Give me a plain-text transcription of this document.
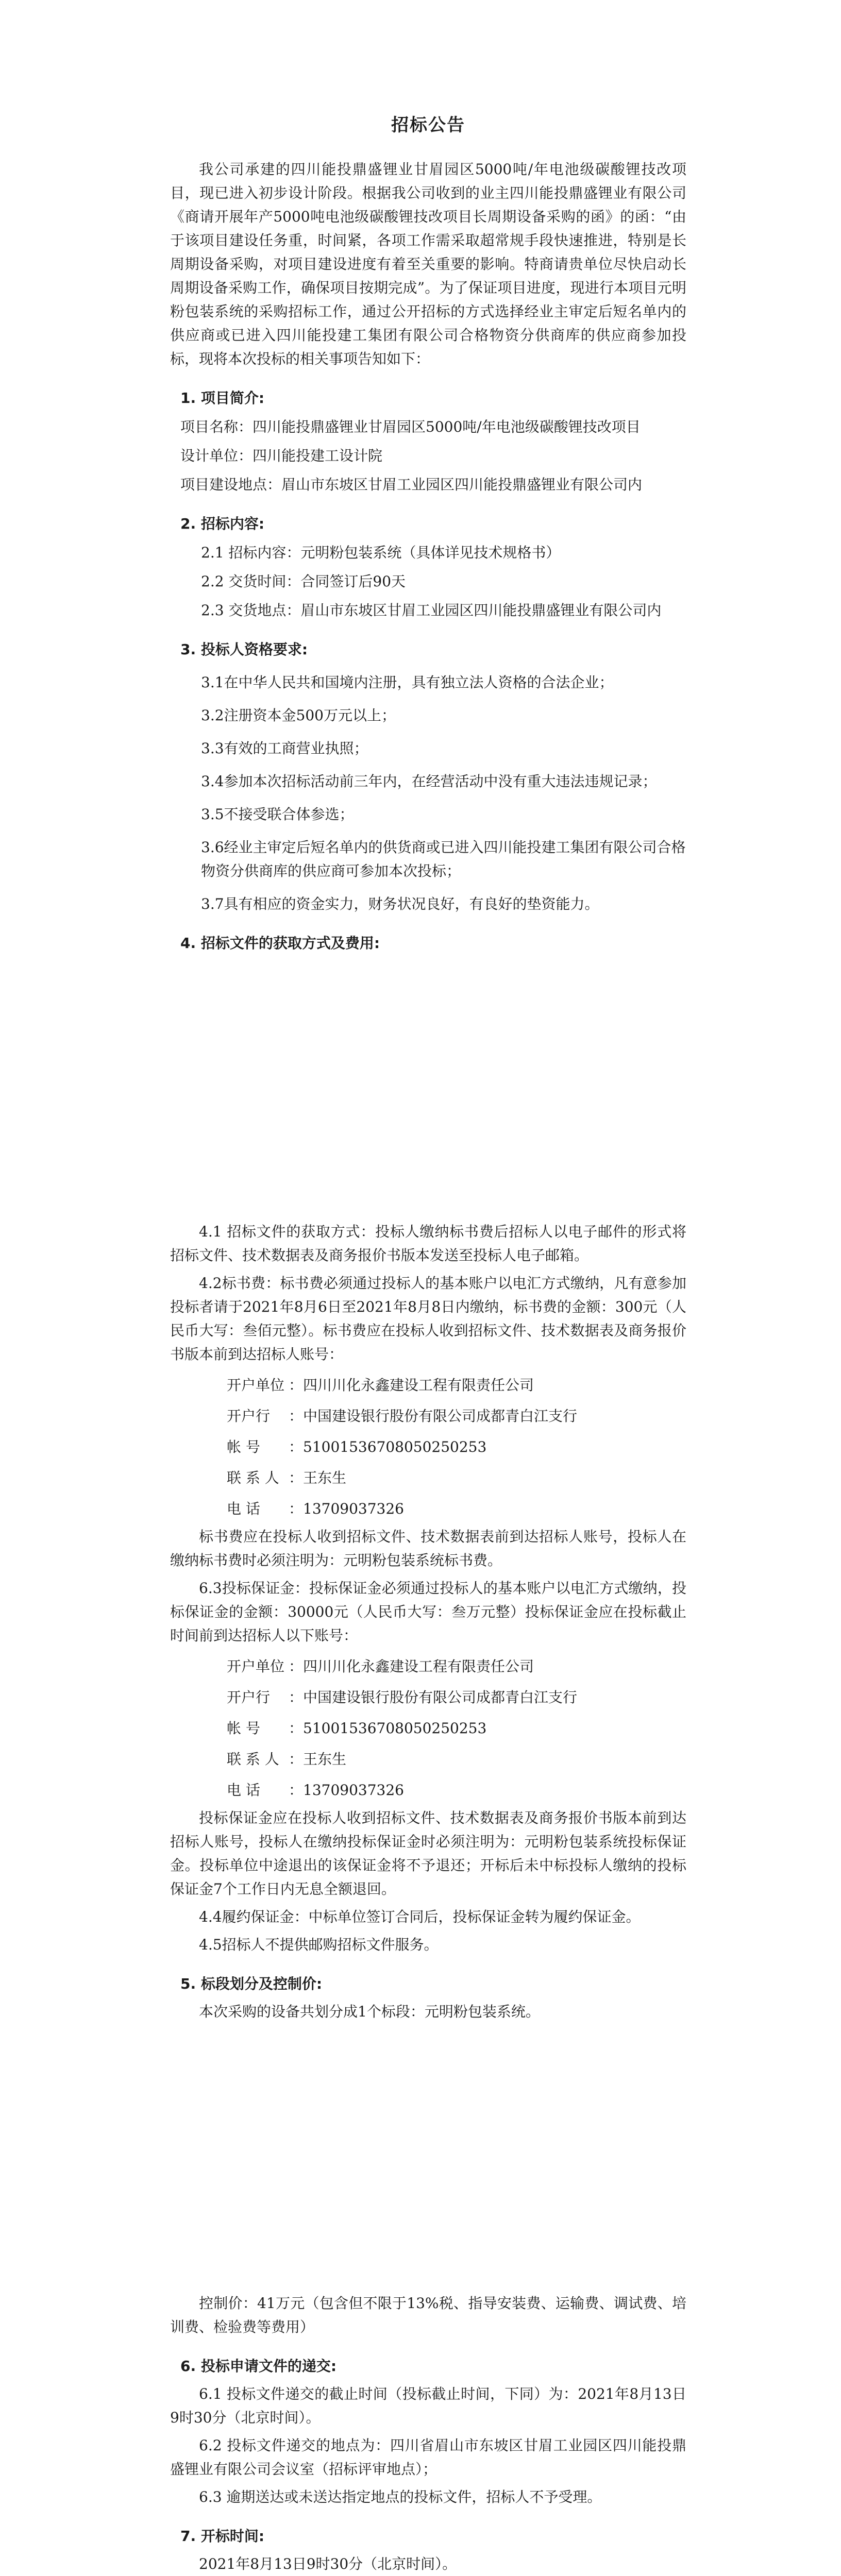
招标公告

我公司承建的四川能投鼎盛锂业甘眉园区5000吨/年电池级碳酸锂技改项目，现已进入初步设计阶段。根据我公司收到的业主四川能投鼎盛锂业有限公司《商请开展年产5000吨电池级碳酸锂技改项目长周期设备采购的函》的函：“由于该项目建设任务重，时间紧，各项工作需采取超常规手段快速推进，特别是长周期设备采购，对项目建设进度有着至关重要的影响。特商请贵单位尽快启动长周期设备采购工作，确保项目按期完成”。为了保证项目进度，现进行本项目元明粉包装系统的采购招标工作，通过公开招标的方式选择经业主审定后短名单内的供应商或已进入四川能投建工集团有限公司合格物资分供商库的供应商参加投标，现将本次投标的相关事项告知如下：

1. 项目简介:
项目名称：四川能投鼎盛锂业甘眉园区5000吨/年电池级碳酸锂技改项目
设计单位：四川能投建工设计院
项目建设地点：眉山市东坡区甘眉工业园区四川能投鼎盛锂业有限公司内
2. 招标内容:
2.1 招标内容：元明粉包装系统（具体详见技术规格书）
2.2 交货时间：合同签订后90天
2.3 交货地点：眉山市东坡区甘眉工业园区四川能投鼎盛锂业有限公司内
3. 投标人资格要求:
3.1在中华人民共和国境内注册，具有独立法人资格的合法企业；
3.2注册资本金500万元以上；
3.3有效的工商营业执照；
3.4参加本次招标活动前三年内，在经营活动中没有重大违法违规记录；
3.5不接受联合体参选；
3.6经业主审定后短名单内的供货商或已进入四川能投建工集团有限公司合格物资分供商库的供应商可参加本次投标；
3.7具有相应的资金实力，财务状况良好，有良好的垫资能力。
4. 招标文件的获取方式及费用:

4.1 招标文件的获取方式：投标人缴纳标书费后招标人以电子邮件的形式将招标文件、技术数据表及商务报价书版本发送至投标人电子邮箱。

4.2标书费：标书费必须通过投标人的基本账户以电汇方式缴纳，凡有意参加投标者请于2021年8月6日至2021年8月8日内缴纳，标书费的金额：300元（人民币大写：叁佰元整）。标书费应在投标人收到招标文件、技术数据表及商务报价书版本前到达招标人账号：

开户单位 ：四川川化永鑫建设工程有限责任公司
开户行 ：中国建设银行股份有限公司成都青白江支行
帐 号 ：51001536708050250253
联 系 人 ：王东生
电 话 ：13709037326

标书费应在投标人收到招标文件、技术数据表前到达招标人账号，投标人在缴纳标书费时必须注明为：元明粉包装系统标书费。

6.3投标保证金：投标保证金必须通过投标人的基本账户以电汇方式缴纳，投标保证金的金额：30000元（人民币大写：叁万元整）投标保证金应在投标截止时间前到达招标人以下账号：

开户单位 ：四川川化永鑫建设工程有限责任公司
开户行 ：中国建设银行股份有限公司成都青白江支行
帐 号 ：51001536708050250253
联 系 人 ：王东生
电 话 ：13709037326

投标保证金应在投标人收到招标文件、技术数据表及商务报价书版本前到达招标人账号，投标人在缴纳投标保证金时必须注明为：元明粉包装系统投标保证金。投标单位中途退出的该保证金将不予退还；开标后未中标投标人缴纳的投标保证金7个工作日内无息全额退回。

4.4履约保证金：中标单位签订合同后，投标保证金转为履约保证金。

4.5招标人不提供邮购招标文件服务。

5. 标段划分及控制价:

本次采购的设备共划分成1个标段：元明粉包装系统。

控制价：41万元（包含但不限于13%税、指导安装费、运输费、调试费、培训费、检验费等费用）

6. 投标申请文件的递交:

6.1 投标文件递交的截止时间（投标截止时间，下同）为：2021年8月13日9时30分（北京时间）。

6.2 投标文件递交的地点为：四川省眉山市东坡区甘眉工业园区四川能投鼎盛锂业有限公司会议室（招标评审地点）；

6.3 逾期送达或未送达指定地点的投标文件，招标人不予受理。

7. 开标时间:

2021年8月13日9时30分（北京时间）。
